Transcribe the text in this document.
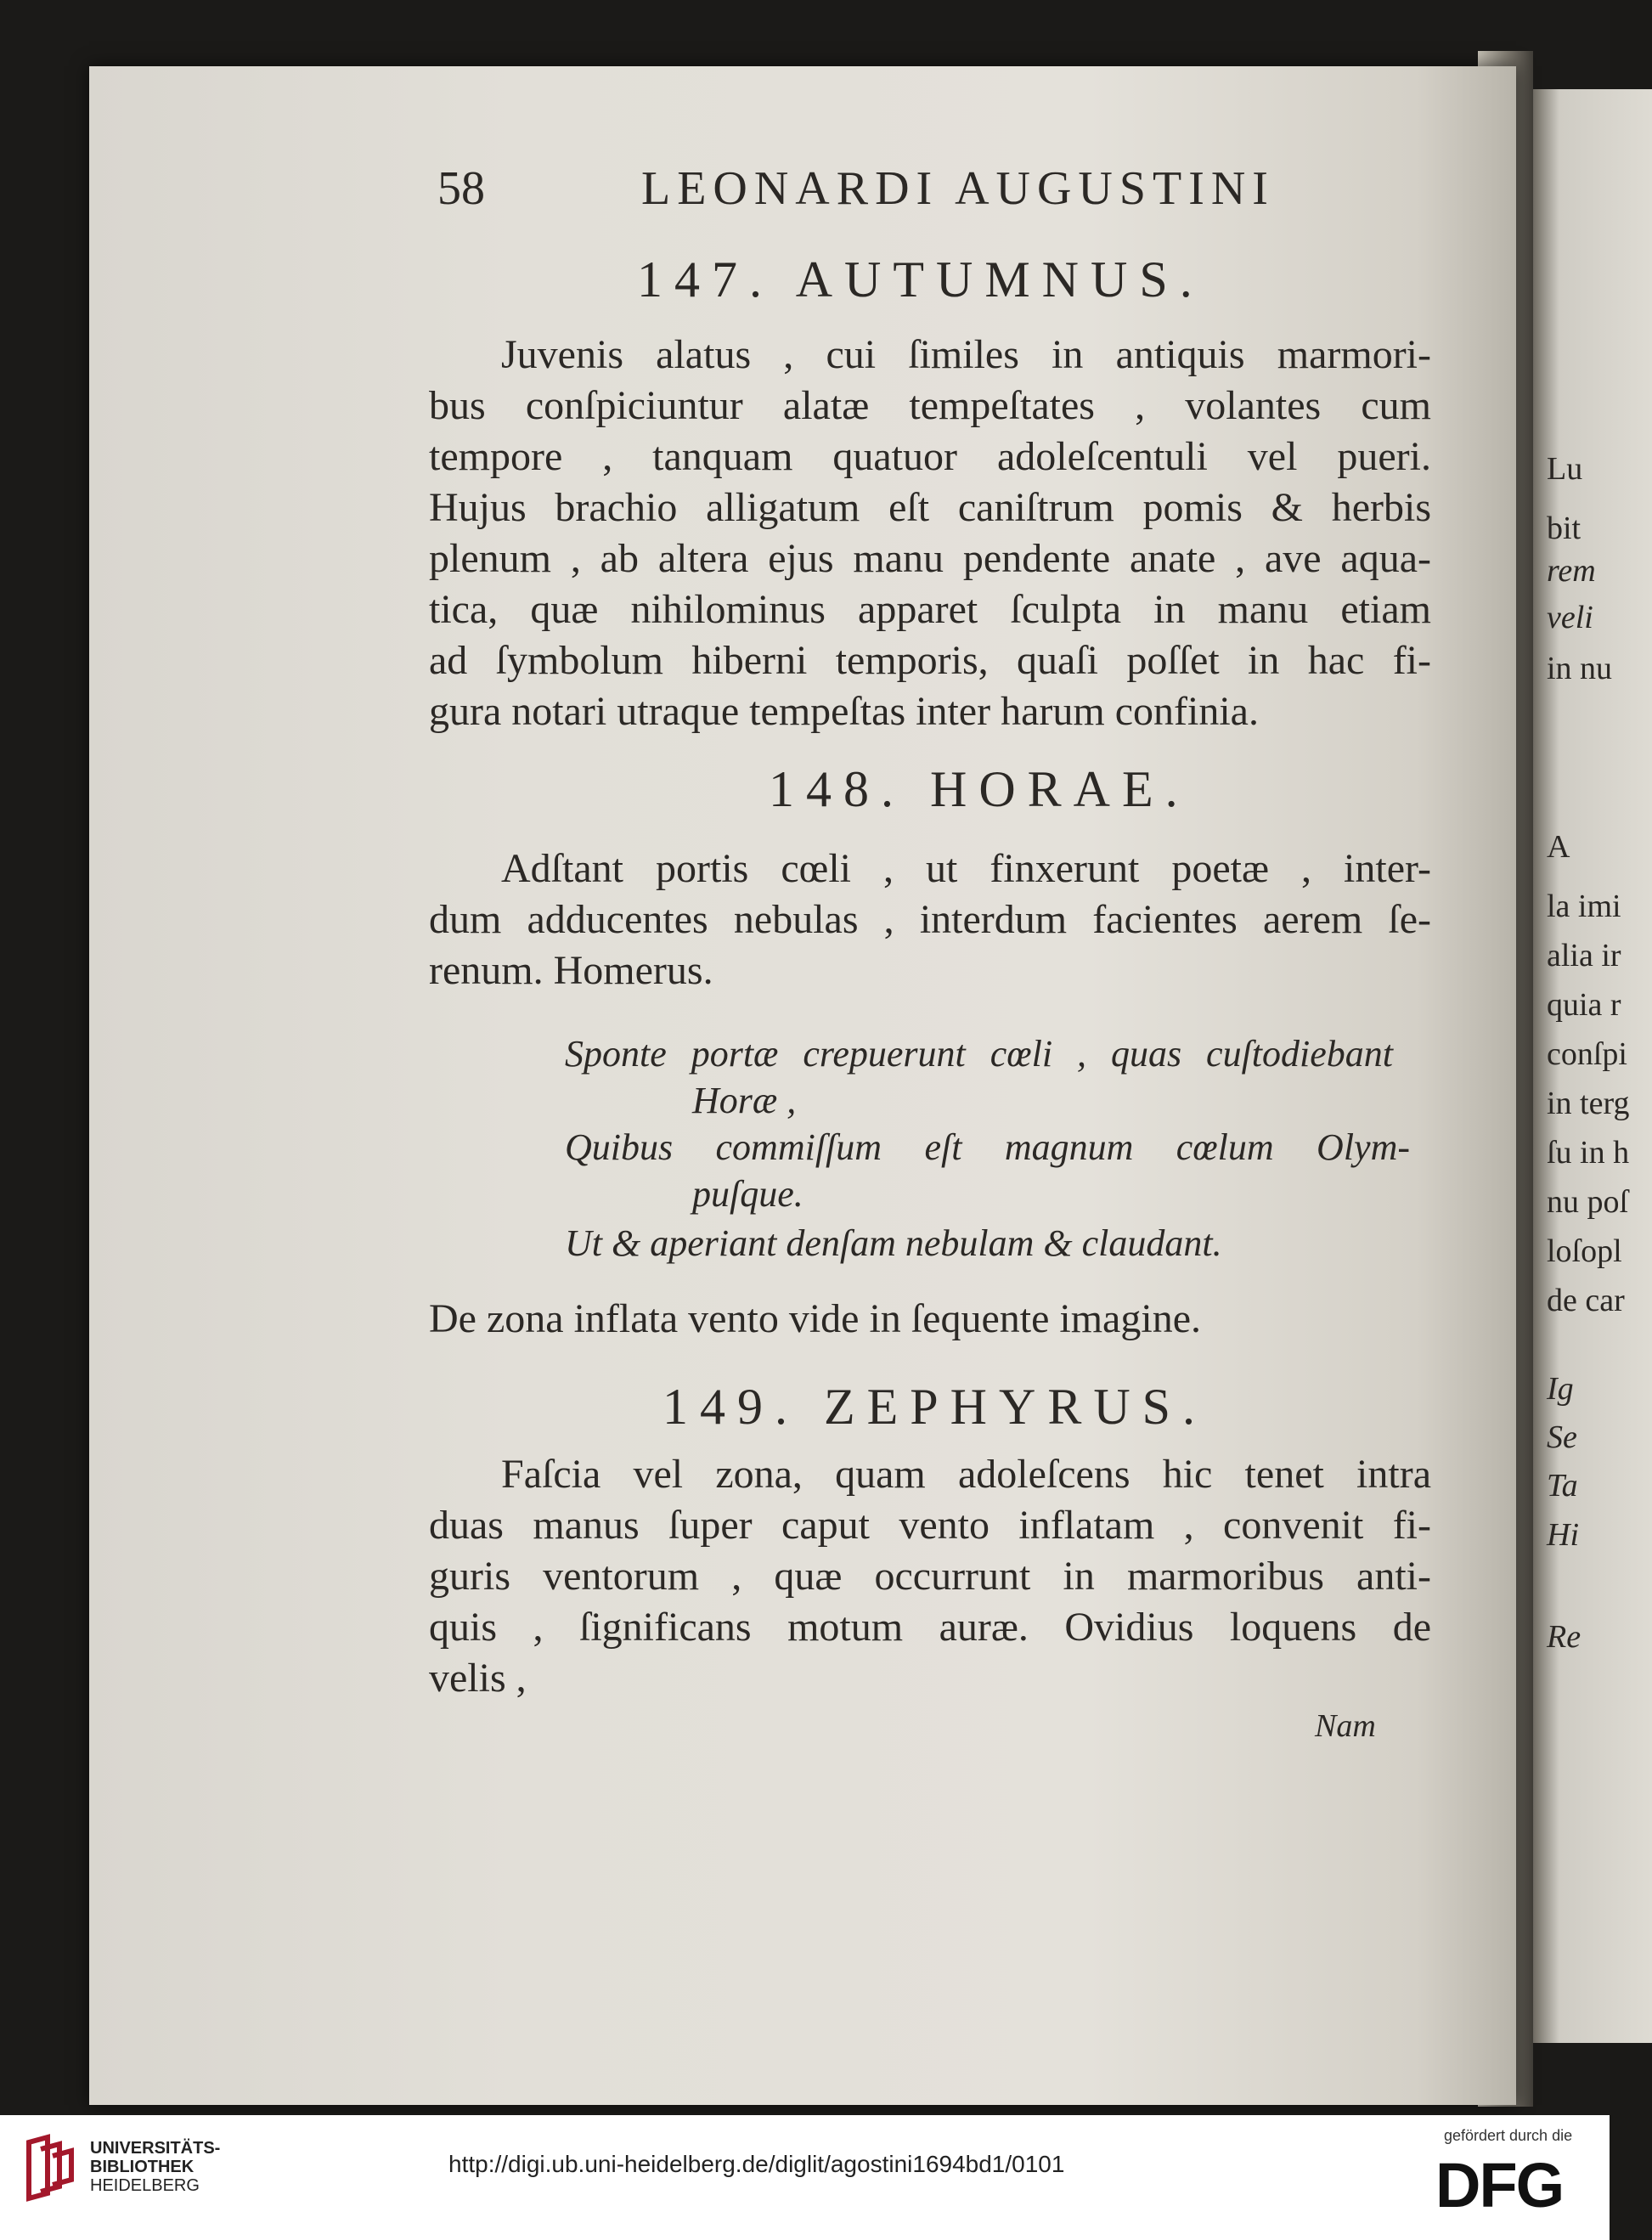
Lu
bit
rem
veli
in nu
A
la imi
alia ir
quia r
conſpi
in terg
ſu in h
nu poſ
loſopl
de car
Ig
Se
Ta
Hi
Re
58	LEONARDI AUGUSTINI
147. AUTUMNUS.
Juvenis alatus , cui ſimiles in antiquis marmori-
bus conſpiciuntur alatæ tempeſtates , volantes cum
tempore , tanquam quatuor adoleſcentuli vel pueri.
Hujus brachio alligatum eſt caniſtrum pomis & herbis
plenum , ab altera ejus manu pendente anate , ave aqua-
tica, quæ nihilominus apparet ſculpta in manu etiam
ad ſymbolum hiberni temporis, quaſi poſſet in hac fi-
gura notari utraque tempeſtas inter harum confinia.
148. HORAE.
Adſtant portis cœli , ut finxerunt poetæ , inter-
dum adducentes nebulas , interdum facientes aerem ſe-
renum. Homerus.
Sponte portæ crepuerunt cœli , quas cuſtodiebant
Horæ ,
Quibus commiſſum eſt magnum cœlum Olym-
puſque.
Ut & aperiant denſam nebulam & claudant.
De zona inflata vento vide in ſequente imagine.
149. ZEPHYRUS.
Faſcia vel zona, quam adoleſcens hic tenet intra
duas manus ſuper caput vento inflatam , convenit fi-
guris ventorum , quæ occurrunt in marmoribus anti-
quis , ſignificans motum auræ. Ovidius loquens de
velis ,
Nam
UNIVERSITÄTS-
BIBLIOTHEK
HEIDELBERG
http://digi.ub.uni-heidelberg.de/diglit/agostini1694bd1/0101
gefördert durch die
DFG
